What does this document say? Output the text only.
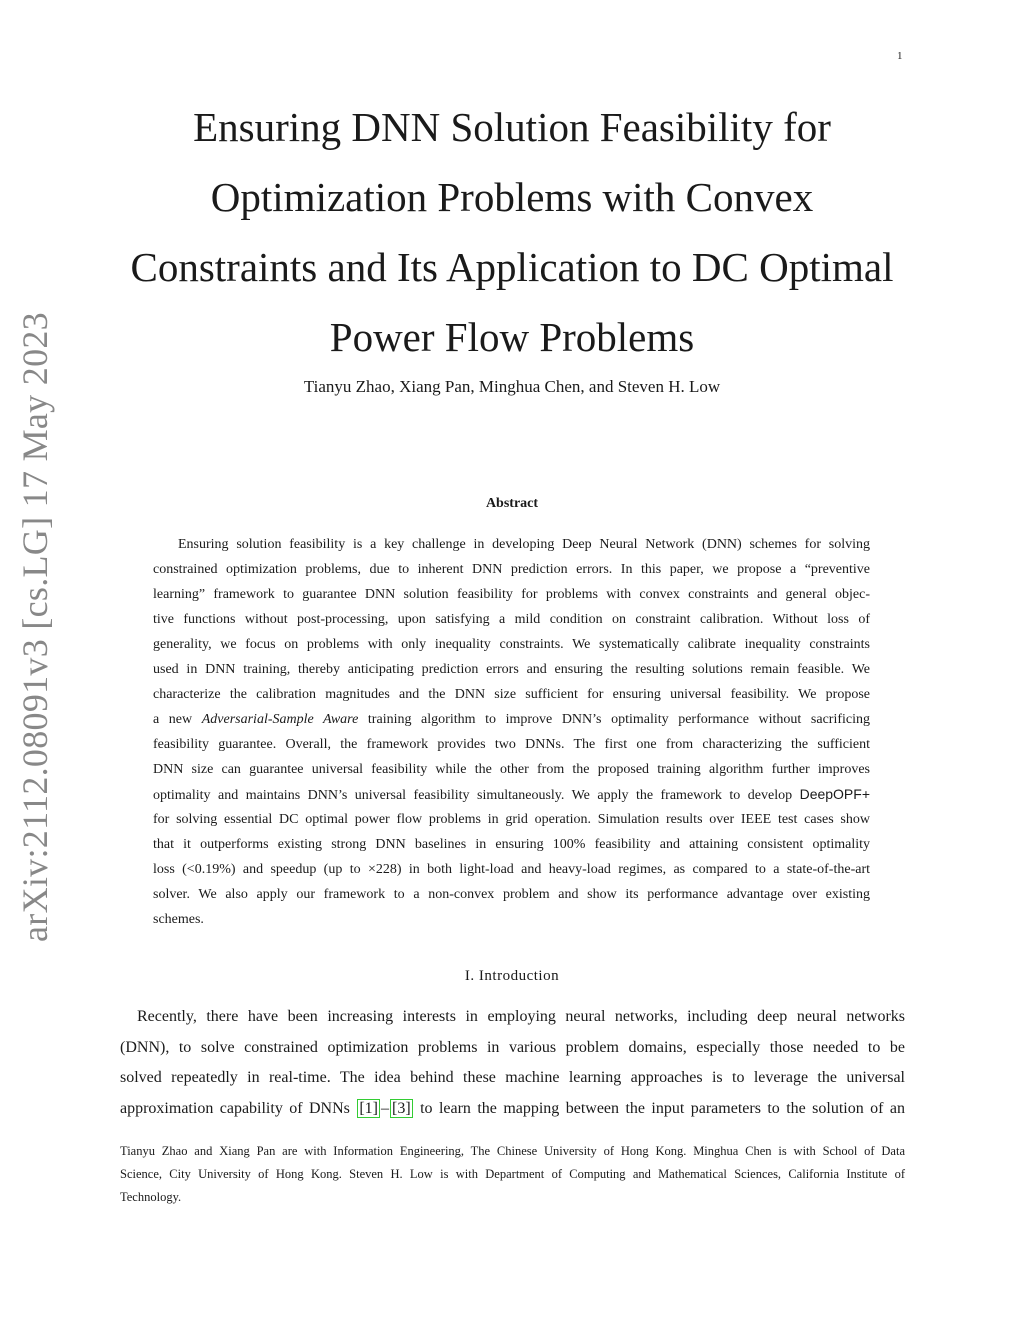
1
arXiv:2112.08091v3 [cs.LG] 17 May 2023
Ensuring DNN Solution Feasibility for
Optimization Problems with Convex
Constraints and Its Application to DC Optimal
Power Flow Problems
Tianyu Zhao, Xiang Pan, Minghua Chen, and Steven H. Low
Abstract
Ensuring solution feasibility is a key challenge in developing Deep Neural Network (DNN) schemes for solving
constrained optimization problems, due to inherent DNN prediction errors. In this paper, we propose a “preventive
learning” framework to guarantee DNN solution feasibility for problems with convex constraints and general objec-
tive functions without post-processing, upon satisfying a mild condition on constraint calibration. Without loss of
generality, we focus on problems with only inequality constraints. We systematically calibrate inequality constraints
used in DNN training, thereby anticipating prediction errors and ensuring the resulting solutions remain feasible. We
characterize the calibration magnitudes and the DNN size sufficient for ensuring universal feasibility. We propose
a new Adversarial-Sample Aware training algorithm to improve DNN’s optimality performance without sacrificing
feasibility guarantee. Overall, the framework provides two DNNs. The first one from characterizing the sufficient
DNN size can guarantee universal feasibility while the other from the proposed training algorithm further improves
optimality and maintains DNN’s universal feasibility simultaneously. We apply the framework to develop DeepOPF+
for solving essential DC optimal power flow problems in grid operation. Simulation results over IEEE test cases show
that it outperforms existing strong DNN baselines in ensuring 100% feasibility and attaining consistent optimality
loss (<0.19%) and speedup (up to ×228) in both light-load and heavy-load regimes, as compared to a state-of-the-art
solver. We also apply our framework to a non-convex problem and show its performance advantage over existing
schemes.
I. Introduction
Recently, there have been increasing interests in employing neural networks, including deep neural networks
(DNN), to solve constrained optimization problems in various problem domains, especially those needed to be
solved repeatedly in real-time. The idea behind these machine learning approaches is to leverage the universal
approximation capability of DNNs [1] – [3] to learn the mapping between the input parameters to the solution of an
Tianyu Zhao and Xiang Pan are with Information Engineering, The Chinese University of Hong Kong. Minghua Chen is with School of Data
Science, City University of Hong Kong. Steven H. Low is with Department of Computing and Mathematical Sciences, California Institute of
Technology.
